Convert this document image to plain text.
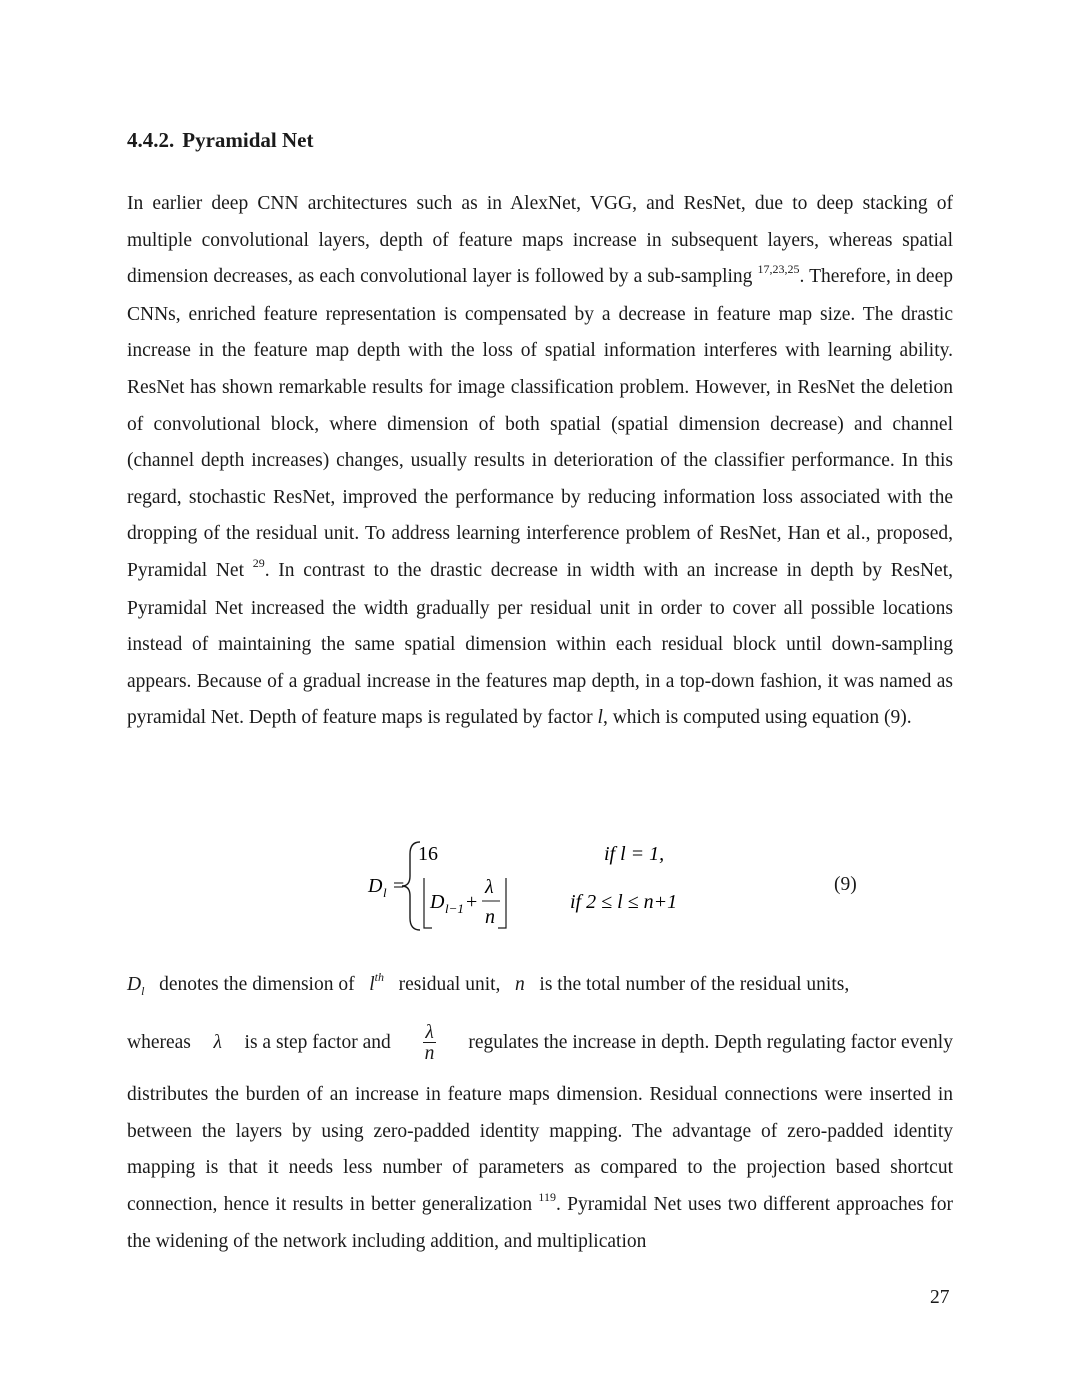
4.4.2. Pyramidal Net

In earlier deep CNN architectures such as in AlexNet, VGG, and ResNet, due to deep stacking of multiple convolutional layers, depth of feature maps increase in subsequent layers, whereas spatial dimension decreases, as each convolutional layer is followed by a sub-sampling $^{17,23,25}$. Therefore, in deep CNNs, enriched feature representation is compensated by a decrease in feature map size. The drastic increase in the feature map depth with the loss of spatial information interferes with learning ability. ResNet has shown remarkable results for image classification problem. However, in ResNet the deletion of convolutional block, where dimension of both spatial (spatial dimension decrease) and channel (channel depth increases) changes, usually results in deterioration of the classifier performance. In this regard, stochastic ResNet, improved the performance by reducing information loss associated with the dropping of the residual unit. To address learning interference problem of ResNet, Han et al., proposed, Pyramidal Net $^{29}$. In contrast to the drastic decrease in width with an increase in depth by ResNet, Pyramidal Net increased the width gradually per residual unit in order to cover all possible locations instead of maintaining the same spatial dimension within each residual block until down-sampling appears. Because of a gradual increase in the features map depth, in a top-down fashion, it was named as pyramidal Net. Depth of feature maps is regulated by factor l, which is computed using equation (9).

D l =
16	if l = 1,
D l−1 +
λ
n
if 2 ≤ l ≤ n+1
(9)

$D_l$ denotes the dimension of $l^{th}$ residual unit, n is the total number of the residual units,

whereas λ is a step factor and $\frac{\lambda}{n}$ regulates the increase in depth. Depth regulating factor evenly

distributes the burden of an increase in feature maps dimension. Residual connections were inserted in between the layers by using zero-padded identity mapping. The advantage of zero-padded identity mapping is that it needs less number of parameters as compared to the projection based shortcut connection, hence it results in better generalization $^{119}$. Pyramidal Net uses two different approaches for the widening of the network including addition, and multiplication

27
